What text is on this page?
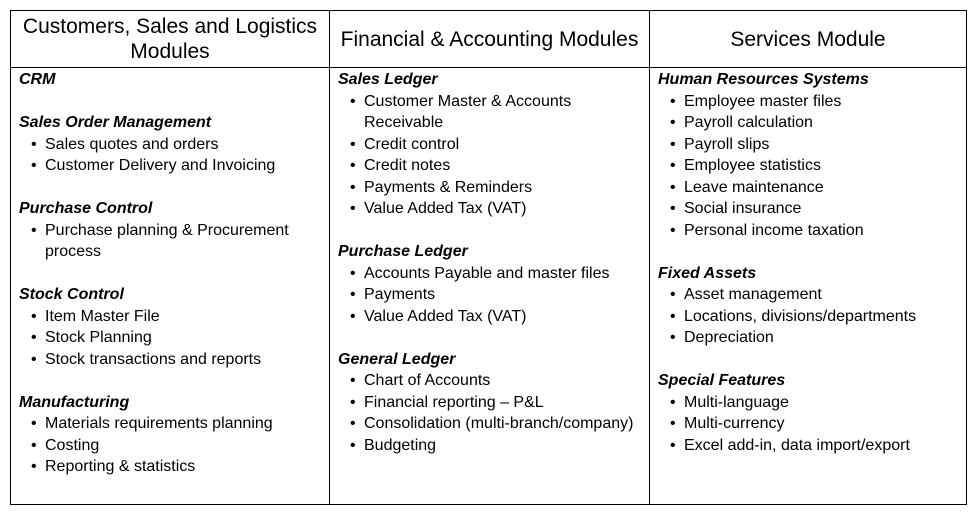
Customers, Sales and Logistics Modules
Financial & Accounting Modules	Services Module
CRM
Sales Order Management
• Sales quotes and orders
• Customer Delivery and Invoicing
Purchase Control
• Purchase planning & Procurement process
Stock Control
• Item Master File
• Stock Planning
• Stock transactions and reports
Manufacturing
• Materials requirements planning
• Costing
• Reporting & statistics
Sales Ledger
• Customer Master & Accounts Receivable
• Credit control
• Credit notes
• Payments & Reminders
• Value Added Tax (VAT)
Purchase Ledger
• Accounts Payable and master files
• Payments
• Value Added Tax (VAT)
General Ledger
• Chart of Accounts
• Financial reporting – P&L
• Consolidation (multi-branch/company)
• Budgeting
Human Resources Systems
• Employee master files
• Payroll calculation
• Payroll slips
• Employee statistics
• Leave maintenance
• Social insurance
• Personal income taxation
Fixed Assets
• Asset management
• Locations, divisions/departments
• Depreciation
Special Features
• Multi-language
• Multi-currency
• Excel add-in, data import/export
